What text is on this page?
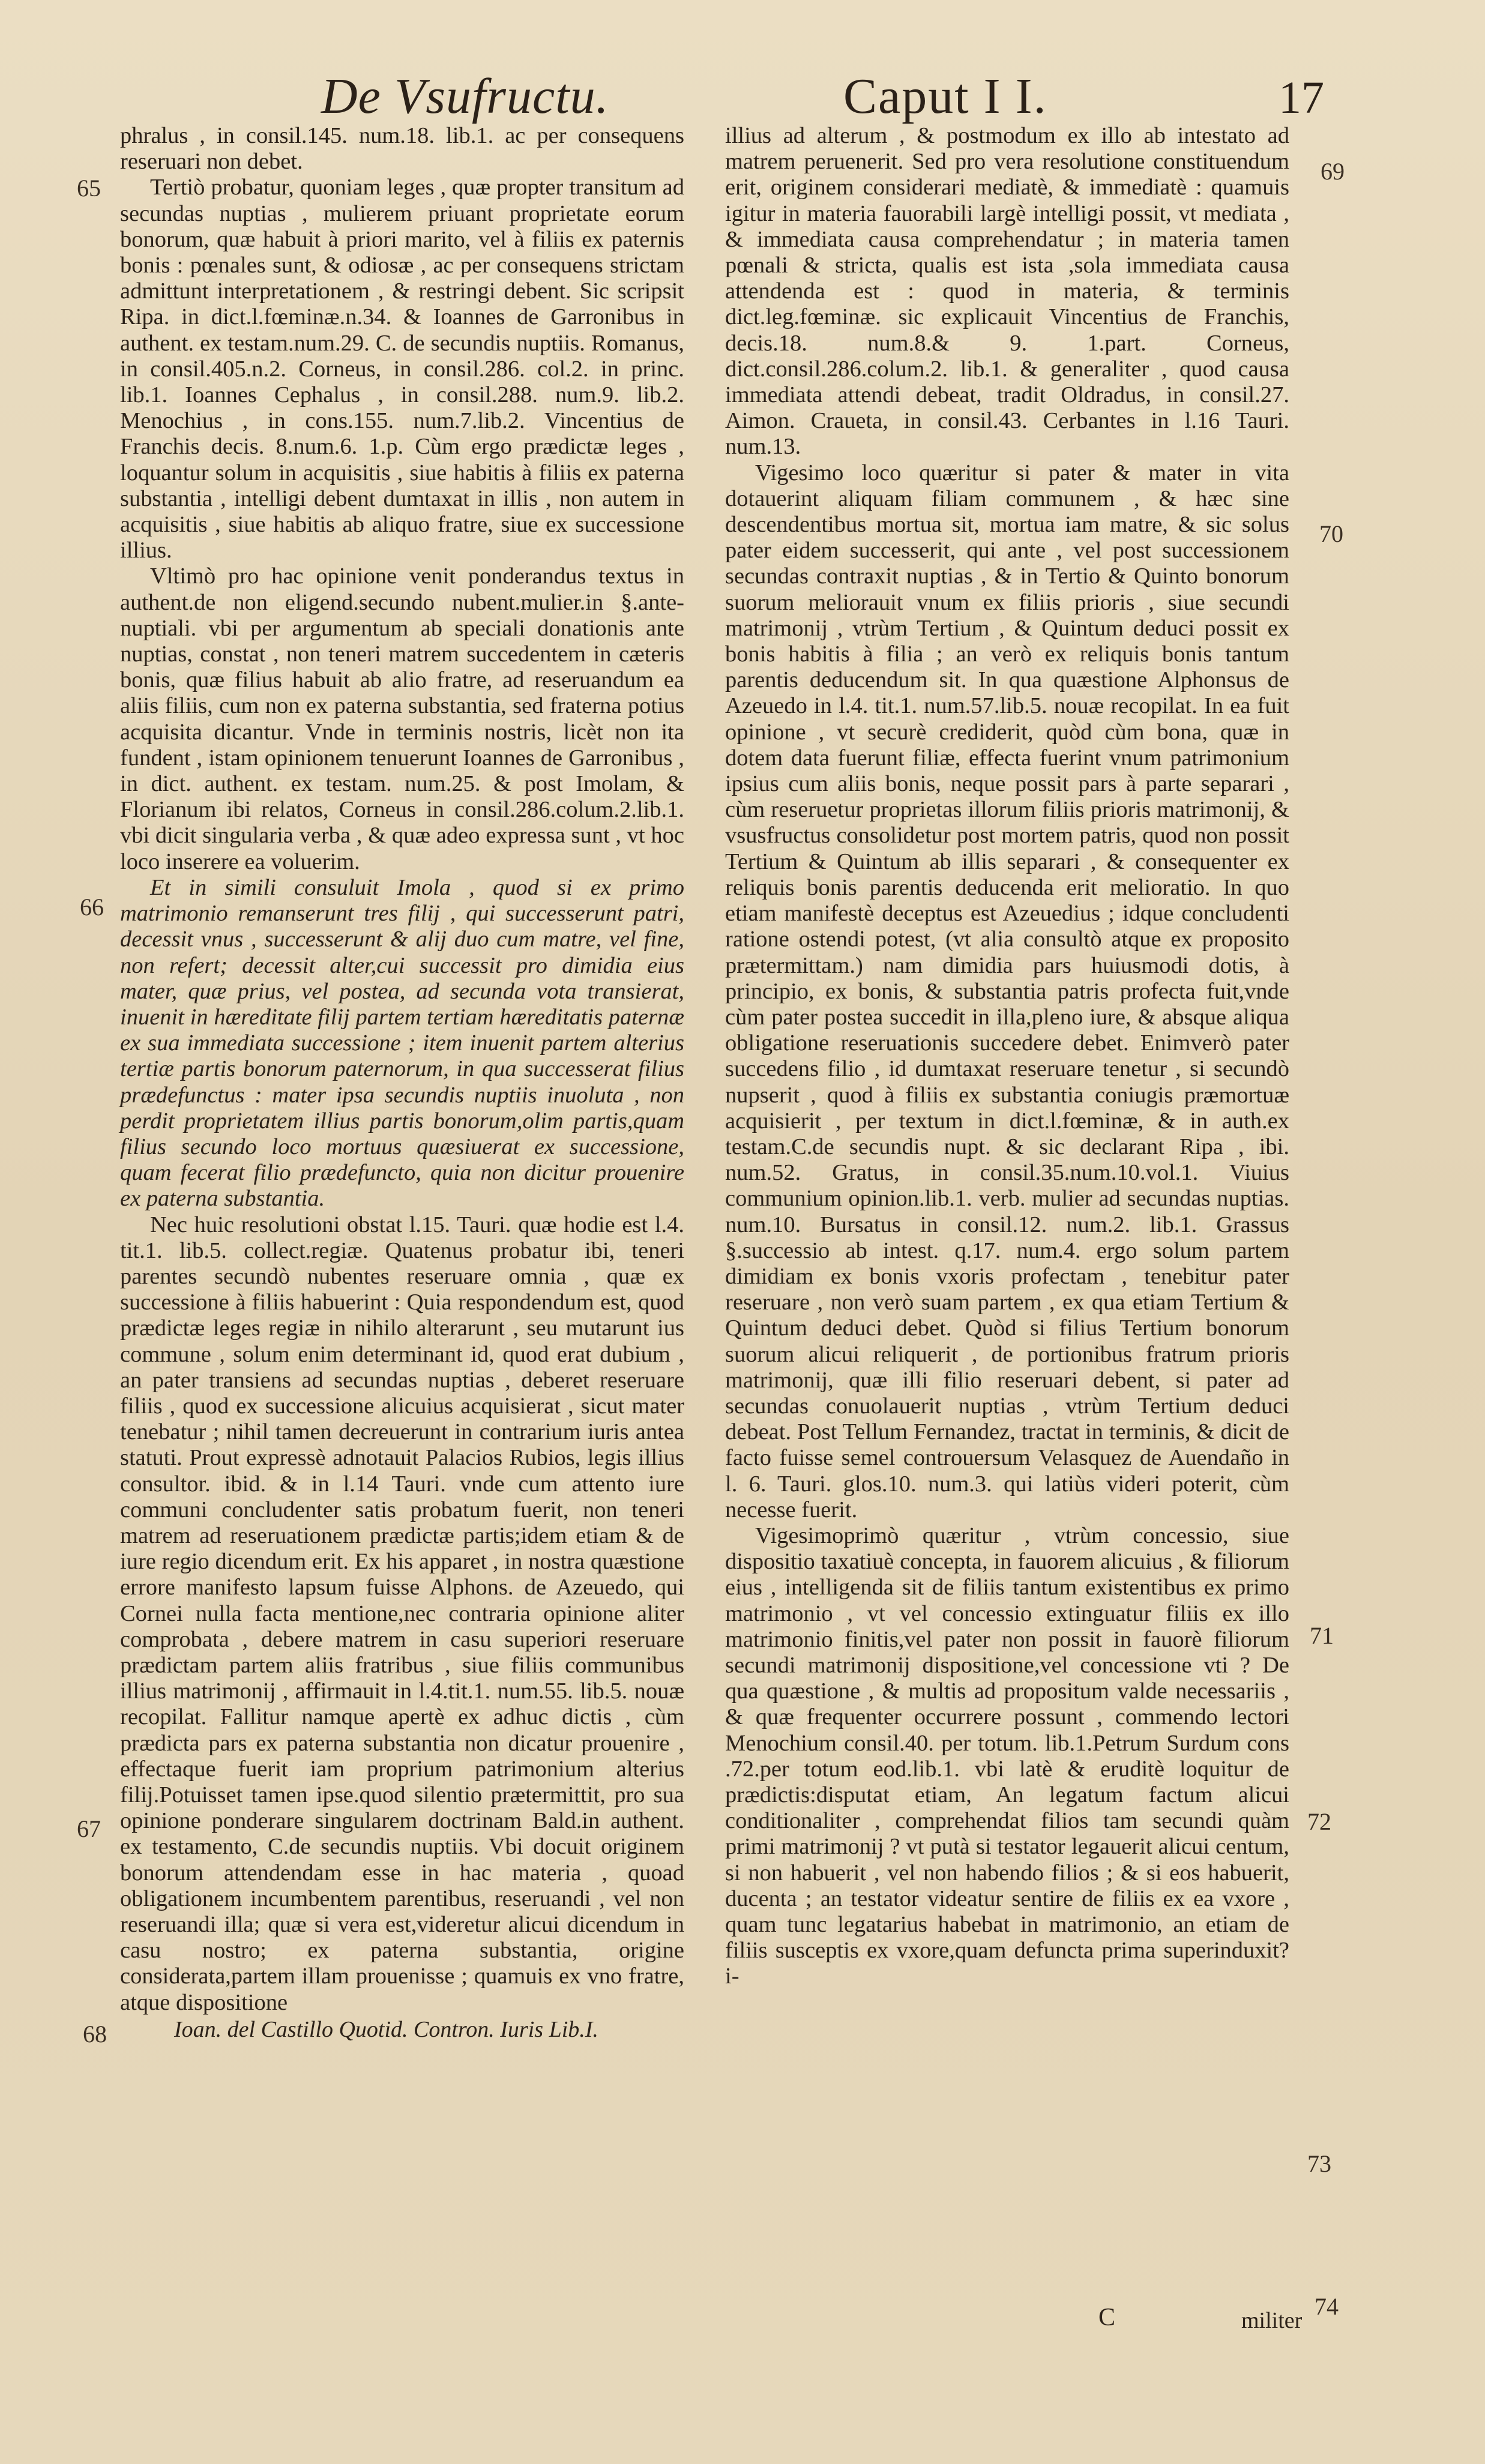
De Vsufructu.	Caput I I.	17

phralus , in consil.145. num.18. lib.1. ac per consequens reseruari non debet.

Tertiò probatur, quoniam leges , quæ propter transitum ad secundas nuptias , mulierem priuant proprietate eorum bonorum, quæ habuit à priori marito, vel à filiis ex paternis bonis : pœnales sunt, & odiosæ , ac per consequens strictam admittunt interpretationem , & restringi debent. Sic scripsit Ripa. in dict.l.fœminæ.n.34. & Ioannes de Garronibus in authent. ex testam.num.29. C. de secundis nuptiis. Romanus, in consil.405.n.2. Corneus, in consil.286. col.2. in princ. lib.1. Ioannes Cephalus , in consil.288. num.9. lib.2. Menochius , in cons.155. num.7.lib.2. Vincentius de Franchis decis. 8.num.6. 1.p. Cùm ergo prædictæ leges , loquantur solum in acquisitis , siue habitis à filiis ex paterna substantia , intelligi debent dumtaxat in illis , non autem in acquisitis , siue habitis ab aliquo fratre, siue ex successione illius.

Vltimò pro hac opinione venit ponderandus textus in authent.de non eligend.secundo nubent.mulier.in §.ante-nuptiali. vbi per argumentum ab speciali donationis ante nuptias, constat , non teneri matrem succedentem in cæteris bonis, quæ filius habuit ab alio fratre, ad reseruandum ea aliis filiis, cum non ex paterna substantia, sed fraterna potius acquisita dicantur. Vnde in terminis nostris, licèt non ita fundent , istam opinionem tenuerunt Ioannes de Garronibus , in dict. authent. ex testam. num.25. & post Imolam, & Florianum ibi relatos, Corneus in consil.286.colum.2.lib.1. vbi dicit singularia verba , & quæ adeo expressa sunt , vt hoc loco inserere ea voluerim.

Et in simili consuluit Imola , quod si ex primo matrimonio remanserunt tres filij , qui successerunt patri, decessit vnus , successerunt & alij duo cum matre, vel fine, non refert; decessit alter,cui successit pro dimidia eius mater, quæ prius, vel postea, ad secunda vota transierat, inuenit in hæreditate filij partem tertiam hæreditatis paternæ ex sua immediata successione ; item inuenit partem alterius tertiæ partis bonorum paternorum, in qua successerat filius prædefunctus : mater ipsa secundis nuptiis inuoluta , non perdit proprietatem illius partis bonorum,olim partis,quam filius secundo loco mortuus quæsiuerat ex successione, quam fecerat filio prædefuncto, quia non dicitur prouenire ex paterna substantia.

Nec huic resolutioni obstat l.15. Tauri. quæ hodie est l.4. tit.1. lib.5. collect.regiæ. Quatenus probatur ibi, teneri parentes secundò nubentes reseruare omnia , quæ ex successione à filiis habuerint : Quia respondendum est, quod prædictæ leges regiæ in nihilo alterarunt , seu mutarunt ius commune , solum enim determinant id, quod erat dubium , an pater transiens ad secundas nuptias , deberet reseruare filiis , quod ex successione alicuius acquisierat , sicut mater tenebatur ; nihil tamen decreuerunt in contrarium iuris antea statuti. Prout expressè adnotauit Palacios Rubios, legis illius consultor. ibid. & in l.14 Tauri. vnde cum attento iure communi concludenter satis probatum fuerit, non teneri matrem ad reseruationem prædictæ partis;idem etiam & de iure regio dicendum erit. Ex his apparet , in nostra quæstione errore manifesto lapsum fuisse Alphons. de Azeuedo, qui Cornei nulla facta mentione,nec contraria opinione aliter comprobata , debere matrem in casu superiori reseruare prædictam partem aliis fratribus , siue filiis communibus illius matrimonij , affirmauit in l.4.tit.1. num.55. lib.5. nouæ recopilat. Fallitur namque apertè ex adhuc dictis , cùm prædicta pars ex paterna substantia non dicatur prouenire , effectaque fuerit iam proprium patrimonium alterius filij.Potuisset tamen ipse.quod silentio prætermittit, pro sua opinione ponderare singularem doctrinam Bald.in authent. ex testamento, C.de secundis nuptiis. Vbi docuit originem bonorum attendendam esse in hac materia , quoad obligationem incumbentem parentibus, reseruandi , vel non reseruandi illa; quæ si vera est,videretur alicui dicendum in casu nostro; ex paterna substantia, origine considerata,partem illam prouenisse ; quamuis ex vno fratre, atque dispositione

Ioan. del Castillo Quotid. Contron. Iuris Lib.I.

illius ad alterum , & postmodum ex illo ab intestato ad matrem peruenerit. Sed pro vera resolutione constituendum erit, originem considerari mediatè, & immediatè : quamuis igitur in materia fauorabili largè intelligi possit, vt mediata , & immediata causa comprehendatur ; in materia tamen pœnali & stricta, qualis est ista ,sola immediata causa attendenda est : quod in materia, & terminis dict.leg.fœminæ. sic explicauit Vincentius de Franchis, decis.18. num.8.& 9. 1.part. Corneus, dict.consil.286.colum.2. lib.1. & generaliter , quod causa immediata attendi debeat, tradit Oldradus, in consil.27. Aimon. Craueta, in consil.43. Cerbantes in l.16 Tauri. num.13.

Vigesimo loco quæritur si pater & mater in vita dotauerint aliquam filiam communem , & hæc sine descendentibus mortua sit, mortua iam matre, & sic solus pater eidem successerit, qui ante , vel post successionem secundas contraxit nuptias , & in Tertio & Quinto bonorum suorum meliorauit vnum ex filiis prioris , siue secundi matrimonij , vtrùm Tertium , & Quintum deduci possit ex bonis habitis à filia ; an verò ex reliquis bonis tantum parentis deducendum sit. In qua quæstione Alphonsus de Azeuedo in l.4. tit.1. num.57.lib.5. nouæ recopilat. In ea fuit opinione , vt securè crediderit, quòd cùm bona, quæ in dotem data fuerunt filiæ, effecta fuerint vnum patrimonium ipsius cum aliis bonis, neque possit pars à parte separari , cùm reseruetur proprietas illorum filiis prioris matrimonij, & vsusfructus consolidetur post mortem patris, quod non possit Tertium & Quintum ab illis separari , & consequenter ex reliquis bonis parentis deducenda erit melioratio. In quo etiam manifestè deceptus est Azeuedius ; idque concludenti ratione ostendi potest, (vt alia consultò atque ex proposito prætermittam.) nam dimidia pars huiusmodi dotis, à principio, ex bonis, & substantia patris profecta fuit,vnde cùm pater postea succedit in illa,pleno iure, & absque aliqua obligatione reseruationis succedere debet. Enimverò pater succedens filio , id dumtaxat reseruare tenetur , si secundò nupserit , quod à filiis ex substantia coniugis præmortuæ acquisierit , per textum in dict.l.fœminæ, & in auth.ex testam.C.de secundis nupt. & sic declarant Ripa , ibi. num.52. Gratus, in consil.35.num.10.vol.1. Viuius communium opinion.lib.1. verb. mulier ad secundas nuptias. num.10. Bursatus in consil.12. num.2. lib.1. Grassus §.successio ab intest. q.17. num.4. ergo solum partem dimidiam ex bonis vxoris profectam , tenebitur pater reseruare , non verò suam partem , ex qua etiam Tertium & Quintum deduci debet. Quòd si filius Tertium bonorum suorum alicui reliquerit , de portionibus fratrum prioris matrimonij, quæ illi filio reseruari debent, si pater ad secundas conuolauerit nuptias , vtrùm Tertium deduci debeat. Post Tellum Fernandez, tractat in terminis, & dicit de facto fuisse semel controuersum Velasquez de Auendaño in l. 6. Tauri. glos.10. num.3. qui latiùs videri poterit, cùm necesse fuerit.

Vigesimoprimò quæritur , vtrùm concessio, siue dispositio taxatiuè concepta, in fauorem alicuius , & filiorum eius , intelligenda sit de filiis tantum existentibus ex primo matrimonio , vt vel concessio extinguatur filiis ex illo matrimonio finitis,vel pater non possit in fauorè filiorum secundi matrimonij dispositione,vel concessione vti ? De qua quæstione , & multis ad propositum valde necessariis , & quæ frequenter occurrere possunt , commendo lectori Menochium consil.40. per totum. lib.1.Petrum Surdum cons .72.per totum eod.lib.1. vbi latè & eruditè loquitur de prædictis:disputat etiam, An legatum factum alicui conditionaliter , comprehendat filios tam secundi quàm primi matrimonij ? vt putà si testator legauerit alicui centum, si non habuerit , vel non habendo filios ; & si eos habuerit, ducenta ; an testator videatur sentire de filiis ex ea vxore , quam tunc legatarius habebat in matrimonio, an etiam de filiis susceptis ex vxore,quam defuncta prima superinduxit? i-

65
66
67
68
69
70
71
72
73
74
C	militer
